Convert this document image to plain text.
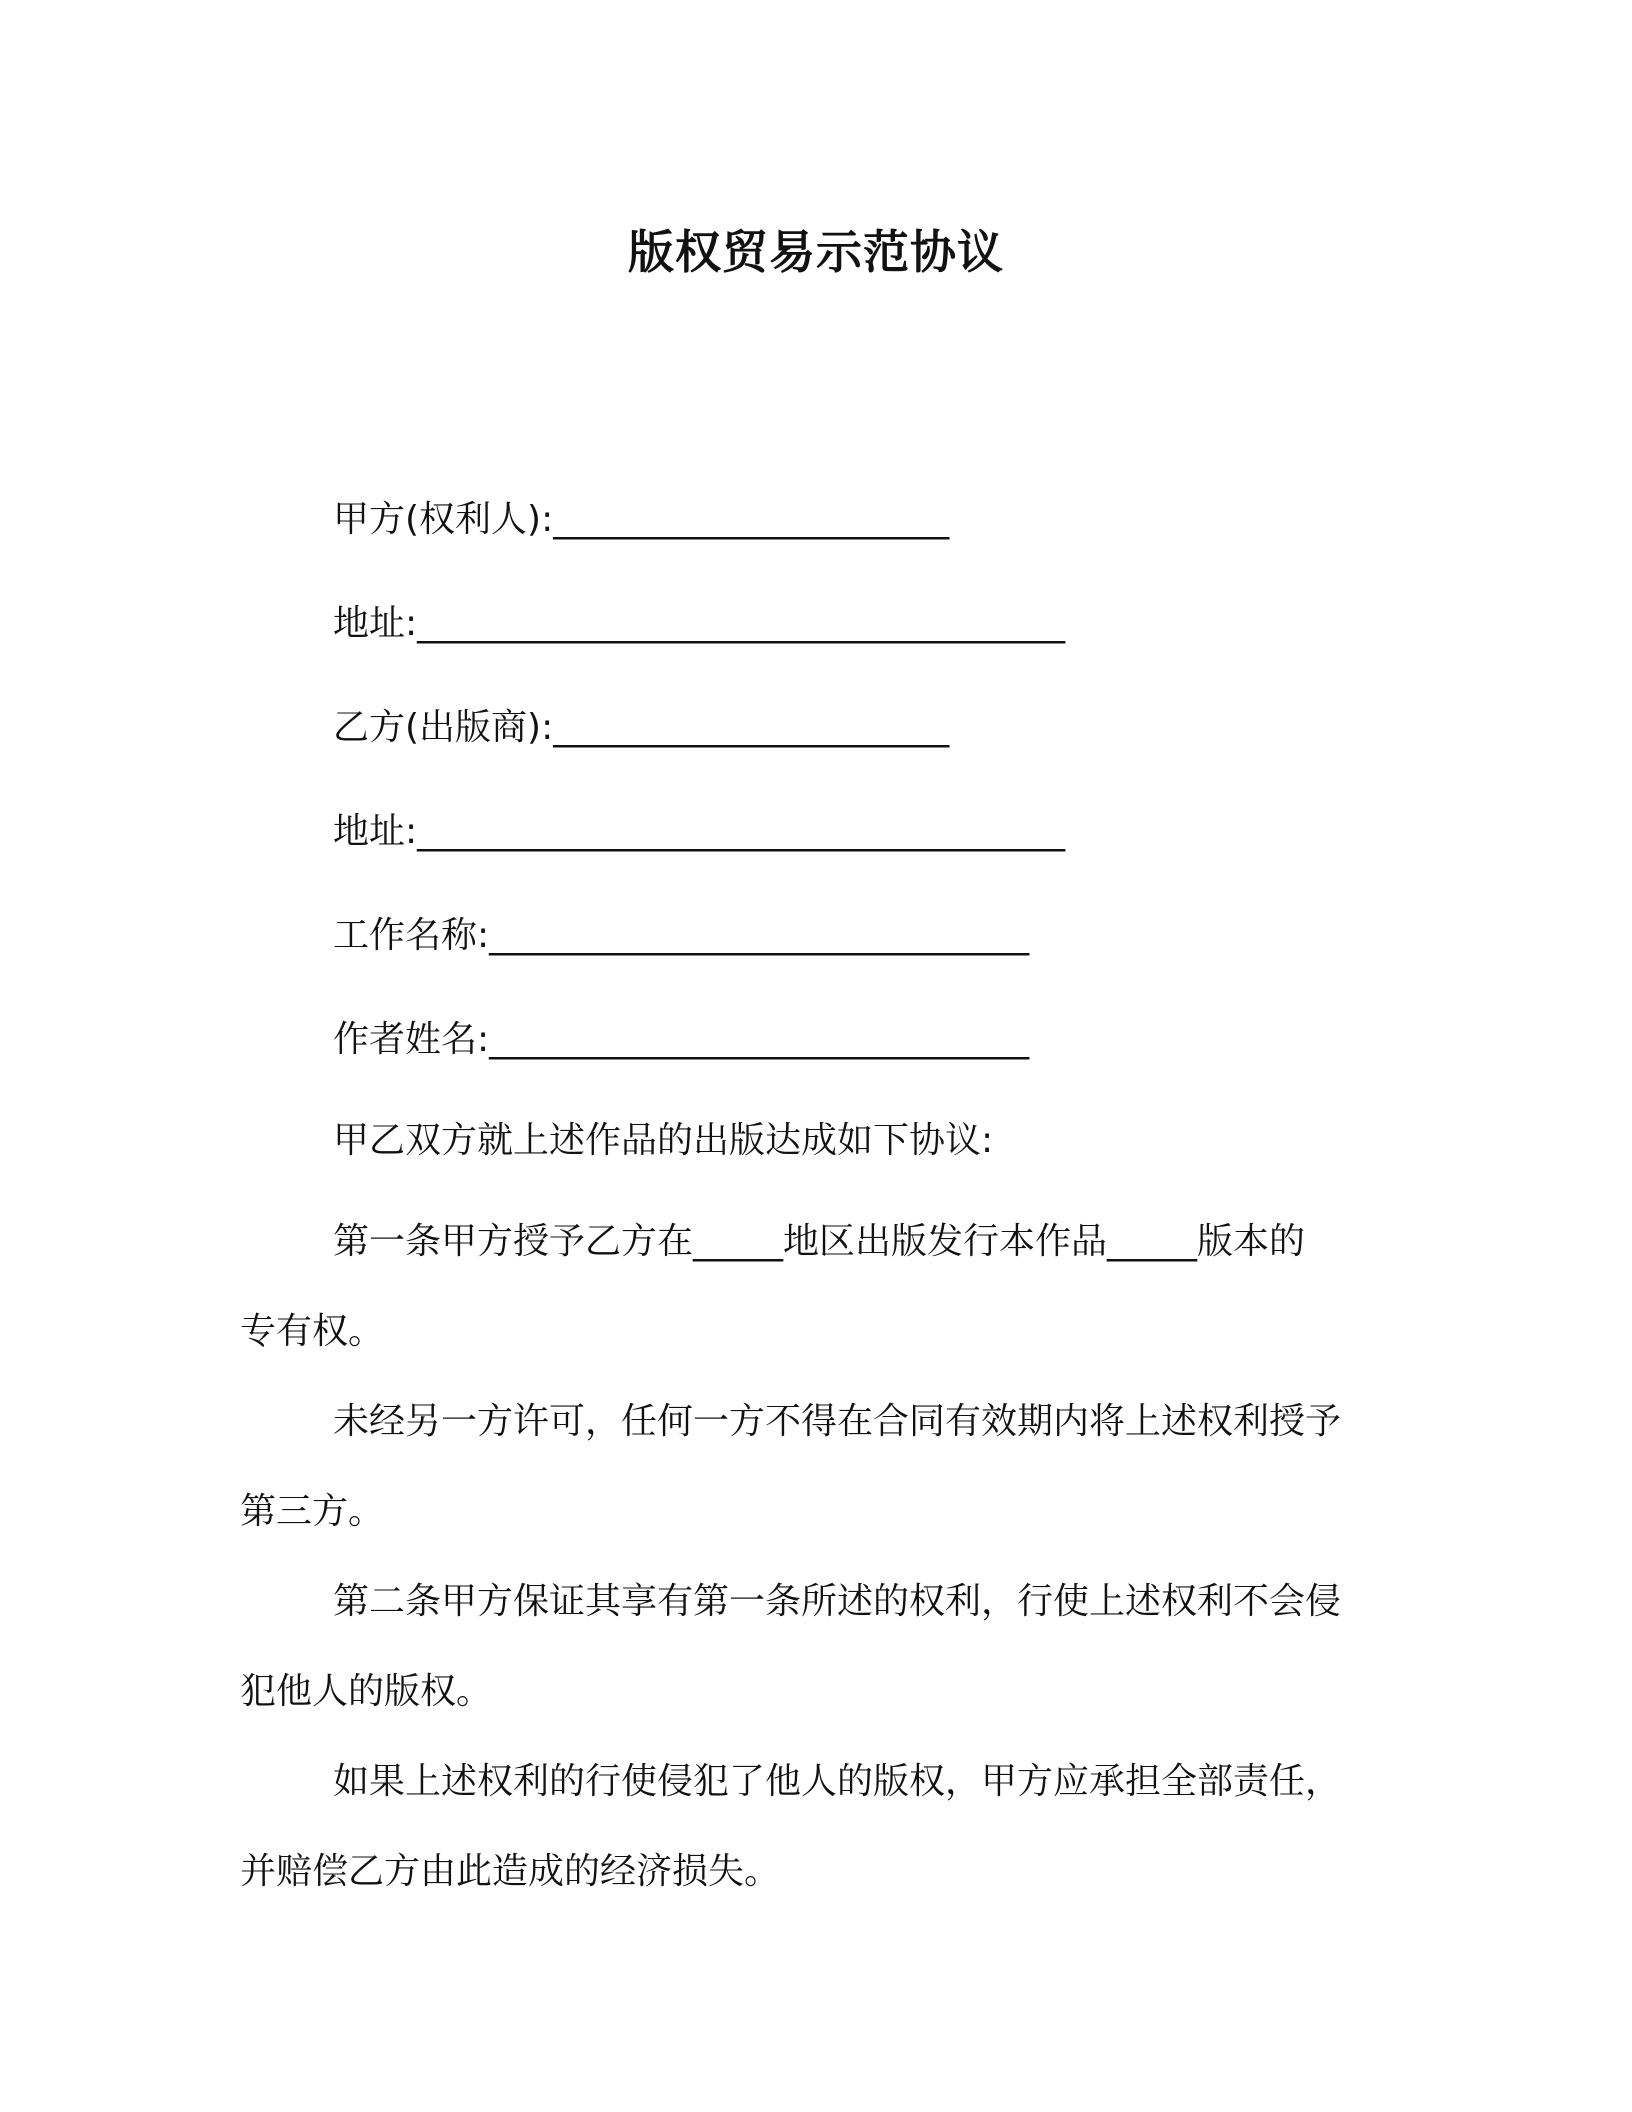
版权贸易示范协议
甲方(权利人):______________________
地址:____________________________________
乙方(出版商):______________________
地址:____________________________________
工作名称:______________________________
作者姓名:______________________________
甲乙双方就上述作品的出版达成如下协议:
第一条甲方授予乙方在_____地区出版发行本作品_____版本的
专有权。
未经另一方许可，任何一方不得在合同有效期内将上述权利授予
第三方。
第二条甲方保证其享有第一条所述的权利，行使上述权利不会侵
犯他人的版权。
如果上述权利的行使侵犯了他人的版权，甲方应承担全部责任，
并赔偿乙方由此造成的经济损失。
